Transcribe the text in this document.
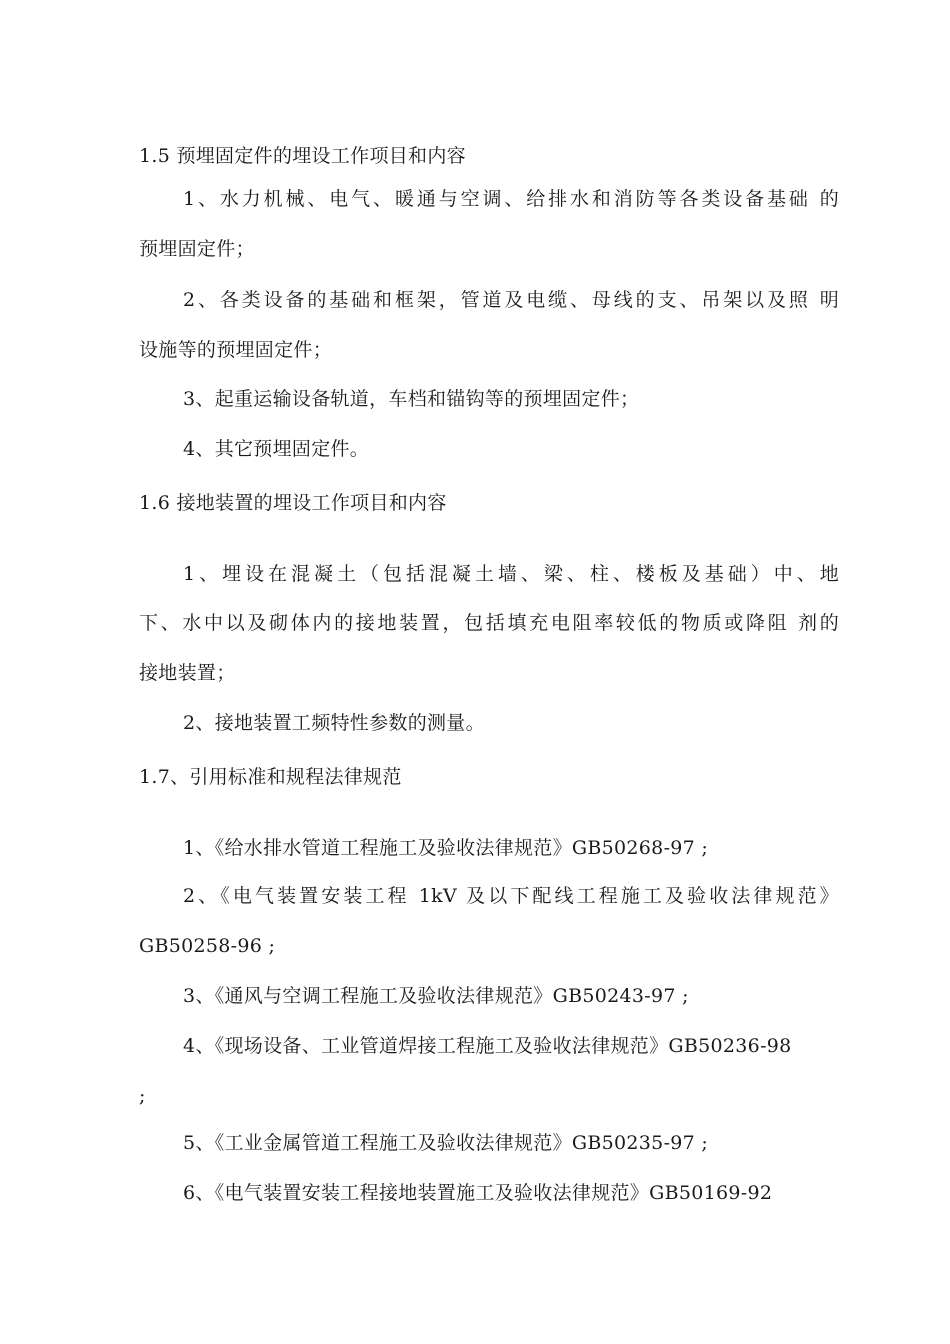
1.5 预埋固定件的埋设工作项目和内容
1、水力机械、电气、暖通与空调、给排水和消防等各类设备基础 的
预埋固定件；
2、各类设备的基础和框架，管道及电缆、母线的支、吊架以及照 明
设施等的预埋固定件；
3、起重运输设备轨道，车档和锚钩等的预埋固定件；
4、其它预埋固定件。
1.6 接地装置的埋设工作项目和内容
1、埋设在混凝土（包括混凝土墙、梁、柱、楼板及基础）中、地
下、水中以及砌体内的接地装置，包括填充电阻率较低的物质或降阻 剂的
接地装置；
2、接地装置工频特性参数的测量。
1.7、引用标准和规程法律规范
1、《给水排水管道工程施工及验收法律规范》GB50268-97 ;
2、《电气装置安装工程 1kV 及以下配线工程施工及验收法律规范》
GB50258-96 ;
3、《通风与空调工程施工及验收法律规范》GB50243-97 ;
4、《现场设备、工业管道焊接工程施工及验收法律规范》GB50236-98
;
5、《工业金属管道工程施工及验收法律规范》GB50235-97 ;
6、《电气装置安装工程接地装置施工及验收法律规范》GB50169-92
